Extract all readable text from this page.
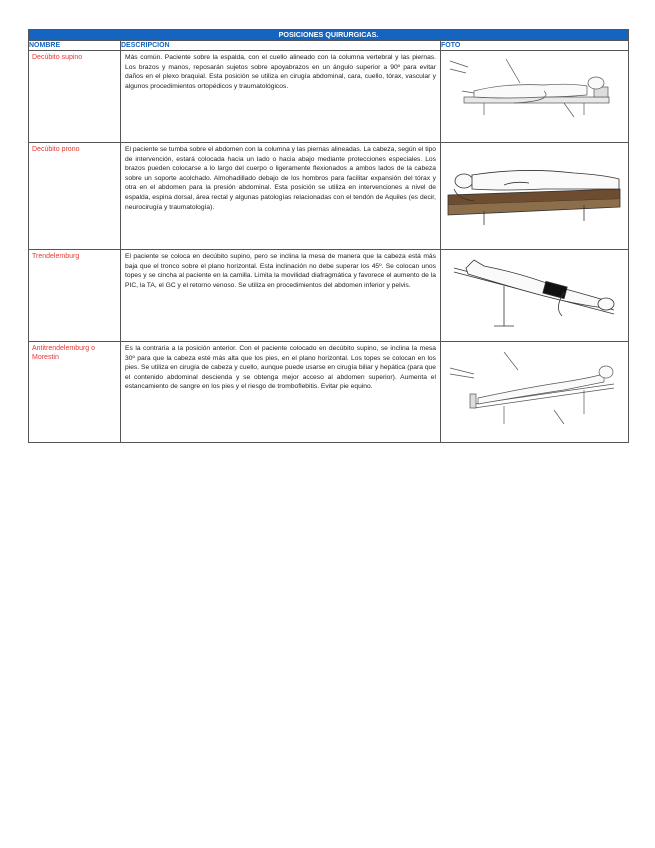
POSICIONES QUIRURGICAS.		
NOMBRE	DESCRIPCIÓN	FOTO
Decúbito supino	Más común. Paciente sobre la espalda, con el cuello alineado con la columna vertebral y las piernas. Los brazos y manos, reposarán sujetos sobre apoyabrazos en un ángulo superior a 90º para evitar daños en el plexo braquial. Esta posición se utiliza en cirugía abdominal, cara, cuello, tórax, vascular y algunos procedimientos ortopédicos y traumatológicos.	

Decúbito prono	El paciente se tumba sobre el abdomen con la columna y las piernas alineadas. La cabeza, según el tipo de intervención, estará colocada hacia un lado o hacia abajo mediante protecciones especiales. Los brazos pueden colocarse a lo largo del cuerpo o ligeramente flexionados a ambos lados de la cabeza sobre un soporte acolchado. Almohadillado debajo de los hombros para facilitar expansión del tórax y otra en el abdomen para la presión abdominal. Esta posición se utiliza en intervenciones a nivel de espalda, espina dorsal, área rectal y algunas patologías relacionadas con el tendón de Aquiles (es decir, neurocirugía y traumatología).	

Trendelemburg	El paciente se coloca en decúbito supino, pero se inclina la mesa de manera que la cabeza está más baja que el tronco sobre el plano horizontal. Esta inclinación no debe superar los 45º. Se colocan unos topes y se cincha al paciente en la camilla. Limita la movilidad diafragmática y favorece el aumento de la PIC, la TA, el GC y el retorno venoso. Se utiliza en procedimientos del abdomen inferior y pelvis.	

Antitrendelemburg o Morestin	Es la contraria a la posición anterior. Con el paciente colocado en decúbito supino, se inclina la mesa 30º para que la cabeza esté más alta que los pies, en el plano horizontal. Los topes se colocan en los pies. Se utiliza en cirugía de cabeza y cuello, aunque puede usarse en cirugía biliar y hepática (para que el contenido abdominal descienda y se obtenga mejor acceso al abdomen superior). Aumenta el estancamiento de sangre en los pies y el riesgo de tromboflebitis. Evitar pie equino.	
